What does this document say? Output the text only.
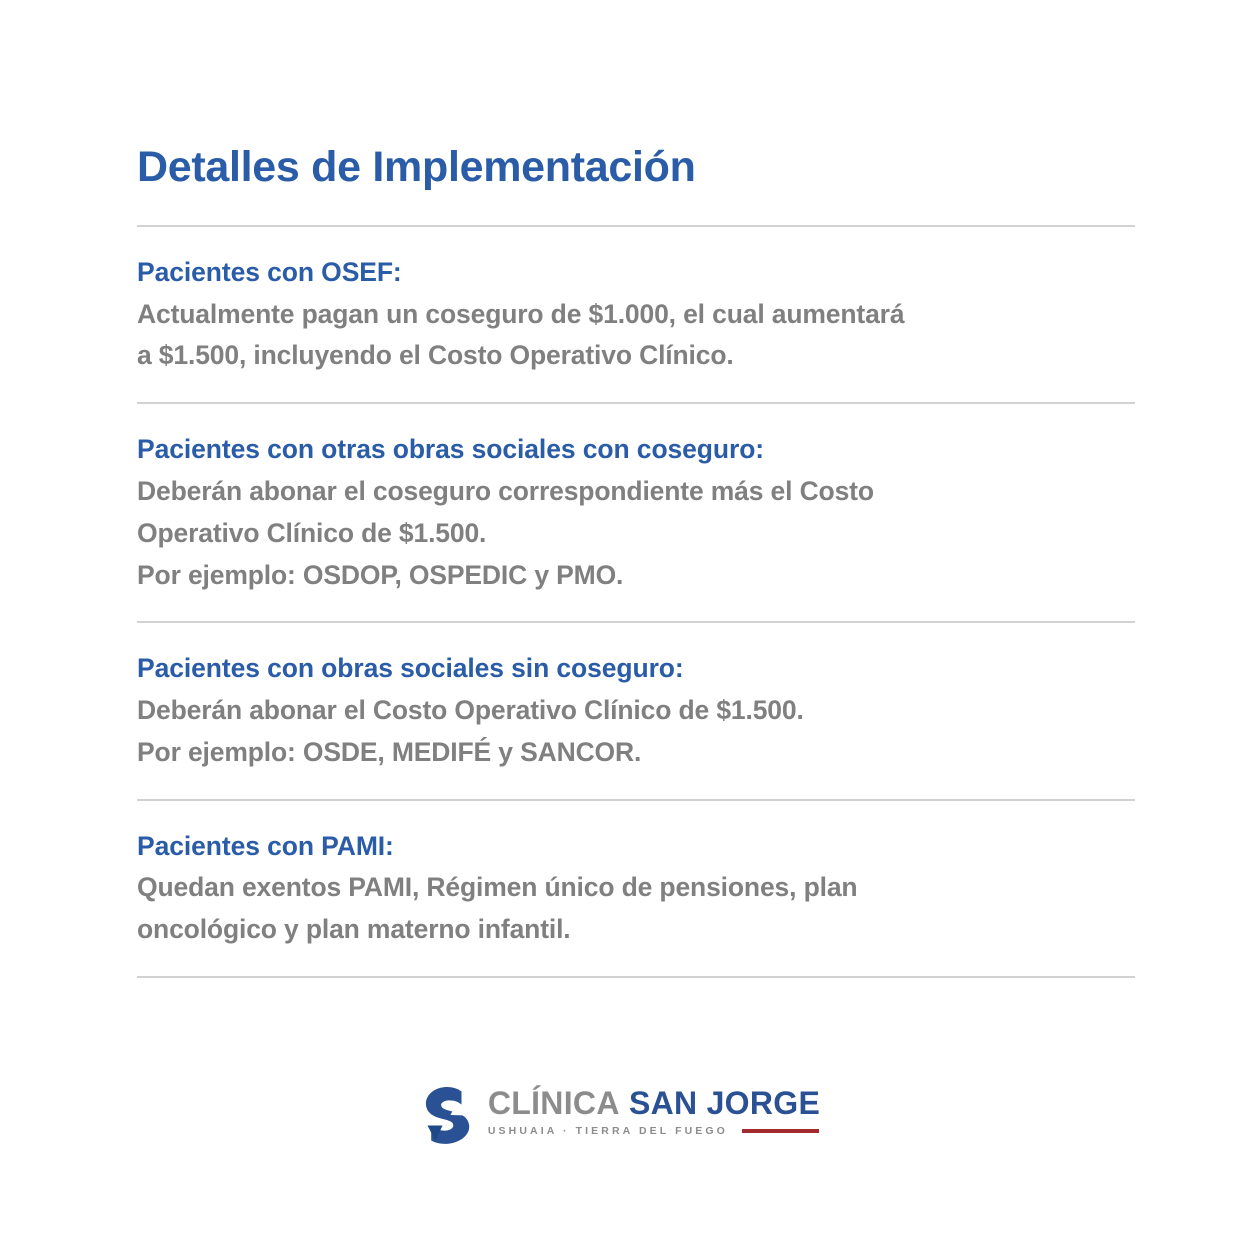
Detalles de Implementación
Pacientes con OSEF:
Actualmente pagan un coseguro de $1.000, el cual aumentará
a $1.500, incluyendo el Costo Operativo Clínico.
Pacientes con otras obras sociales con coseguro:
Deberán abonar el coseguro correspondiente más el Costo
Operativo Clínico de $1.500.
Por ejemplo: OSDOP, OSPEDIC y PMO.
Pacientes con obras sociales sin coseguro:
Deberán abonar el Costo Operativo Clínico de $1.500.
Por ejemplo: OSDE, MEDIFÉ y SANCOR.
Pacientes con PAMI:
Quedan exentos PAMI, Régimen único de pensiones, plan
oncológico y plan materno infantil.
CLÍNICA SAN JORGE
USHUAIA · TIERRA DEL FUEGO
